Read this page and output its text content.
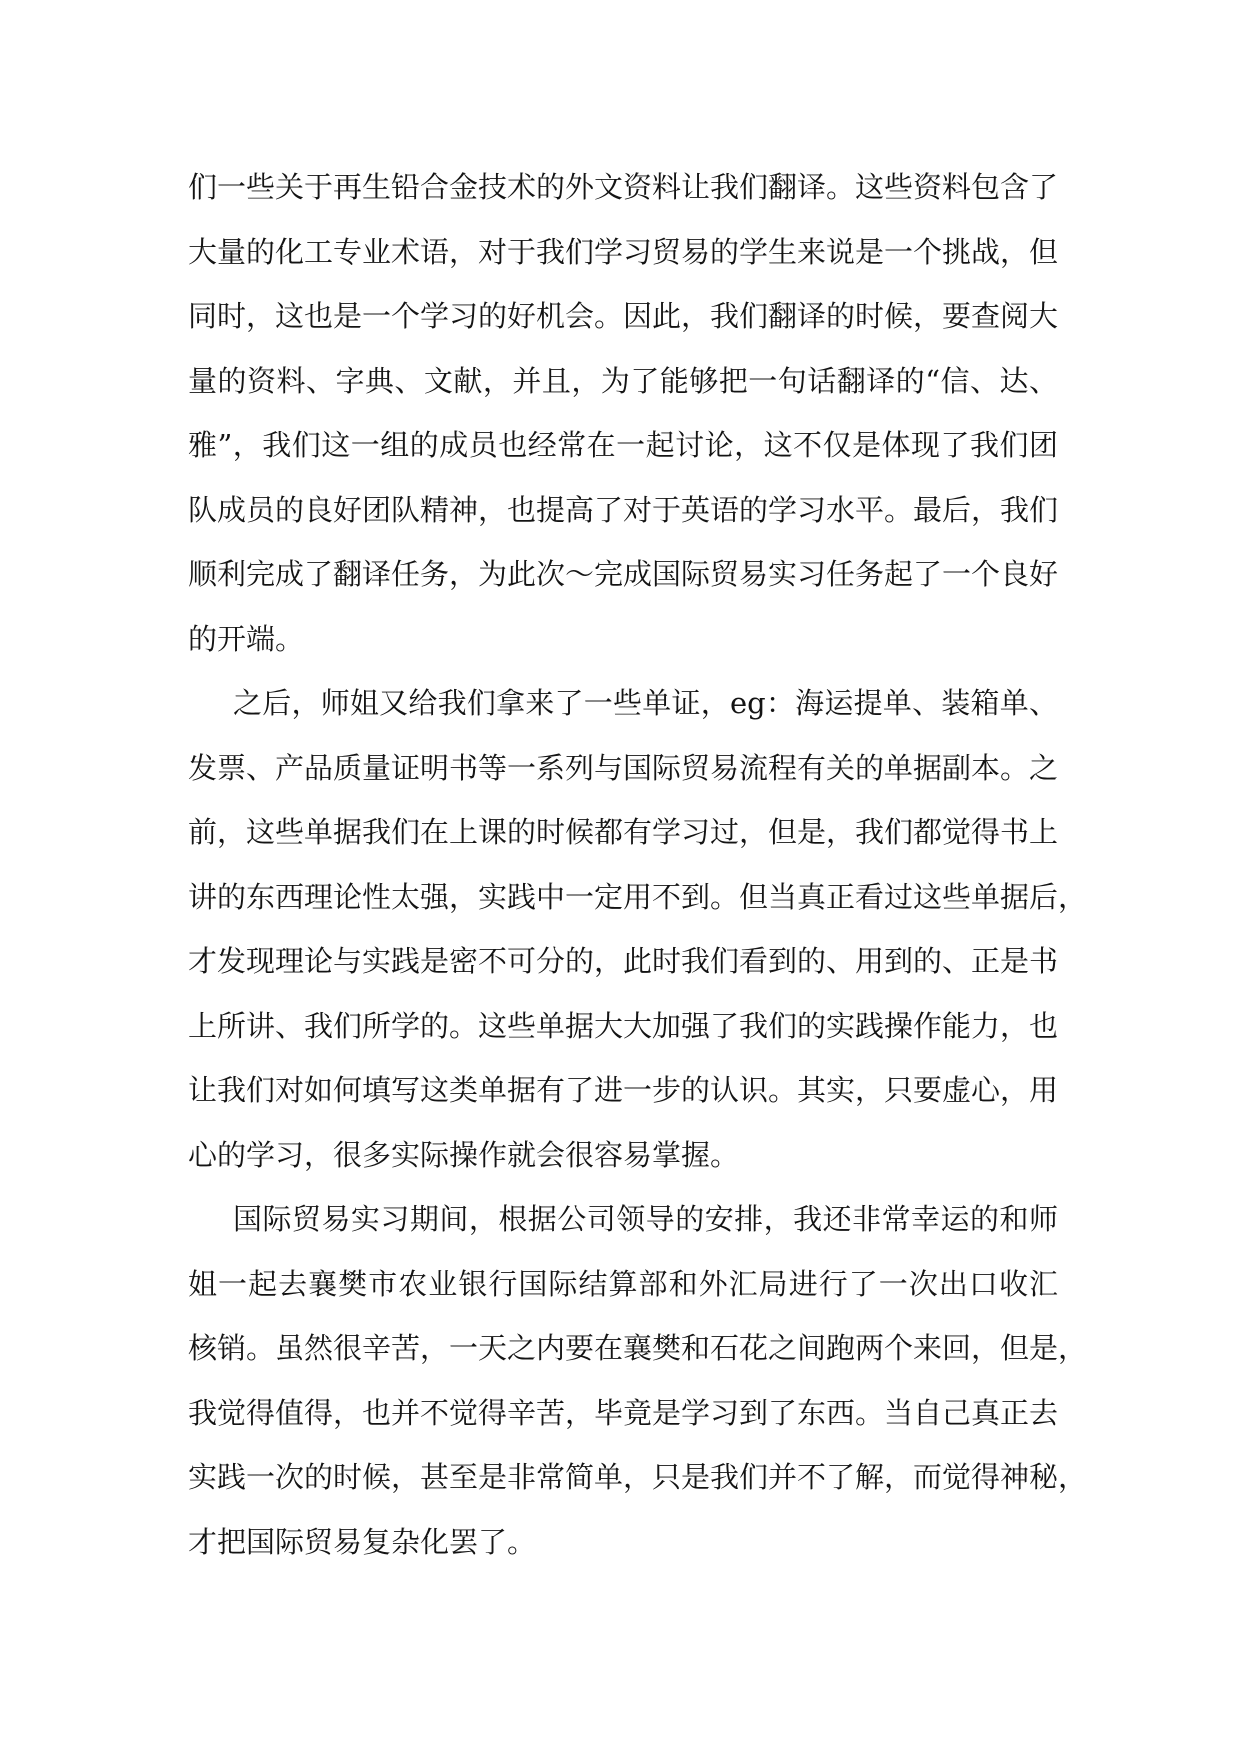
们一些关于再生铅合金技术的外文资料让我们翻译。这些资料包含了
大量的化工专业术语，对于我们学习贸易的学生来说是一个挑战，但
同时，这也是一个学习的好机会。因此，我们翻译的时候，要查阅大
量的资料、字典、文献，并且，为了能够把一句话翻译的“信、达、
雅”，我们这一组的成员也经常在一起讨论，这不仅是体现了我们团
队成员的良好团队精神，也提高了对于英语的学习水平。最后，我们
顺利完成了翻译任务，为此次～完成国际贸易实习任务起了一个良好
的开端。
之后，师姐又给我们拿来了一些单证，eg：海运提单、装箱单、
发票、产品质量证明书等一系列与国际贸易流程有关的单据副本。之
前，这些单据我们在上课的时候都有学习过，但是，我们都觉得书上
讲的东西理论性太强，实践中一定用不到。但当真正看过这些单据后，
才发现理论与实践是密不可分的，此时我们看到的、用到的、正是书
上所讲、我们所学的。这些单据大大加强了我们的实践操作能力，也
让我们对如何填写这类单据有了进一步的认识。其实，只要虚心，用
心的学习，很多实际操作就会很容易掌握。
国际贸易实习期间，根据公司领导的安排，我还非常幸运的和师
姐一起去襄樊市农业银行国际结算部和外汇局进行了一次出口收汇
核销。虽然很辛苦，一天之内要在襄樊和石花之间跑两个来回，但是，
我觉得值得，也并不觉得辛苦，毕竟是学习到了东西。当自己真正去
实践一次的时候，甚至是非常简单，只是我们并不了解，而觉得神秘，
才把国际贸易复杂化罢了。
